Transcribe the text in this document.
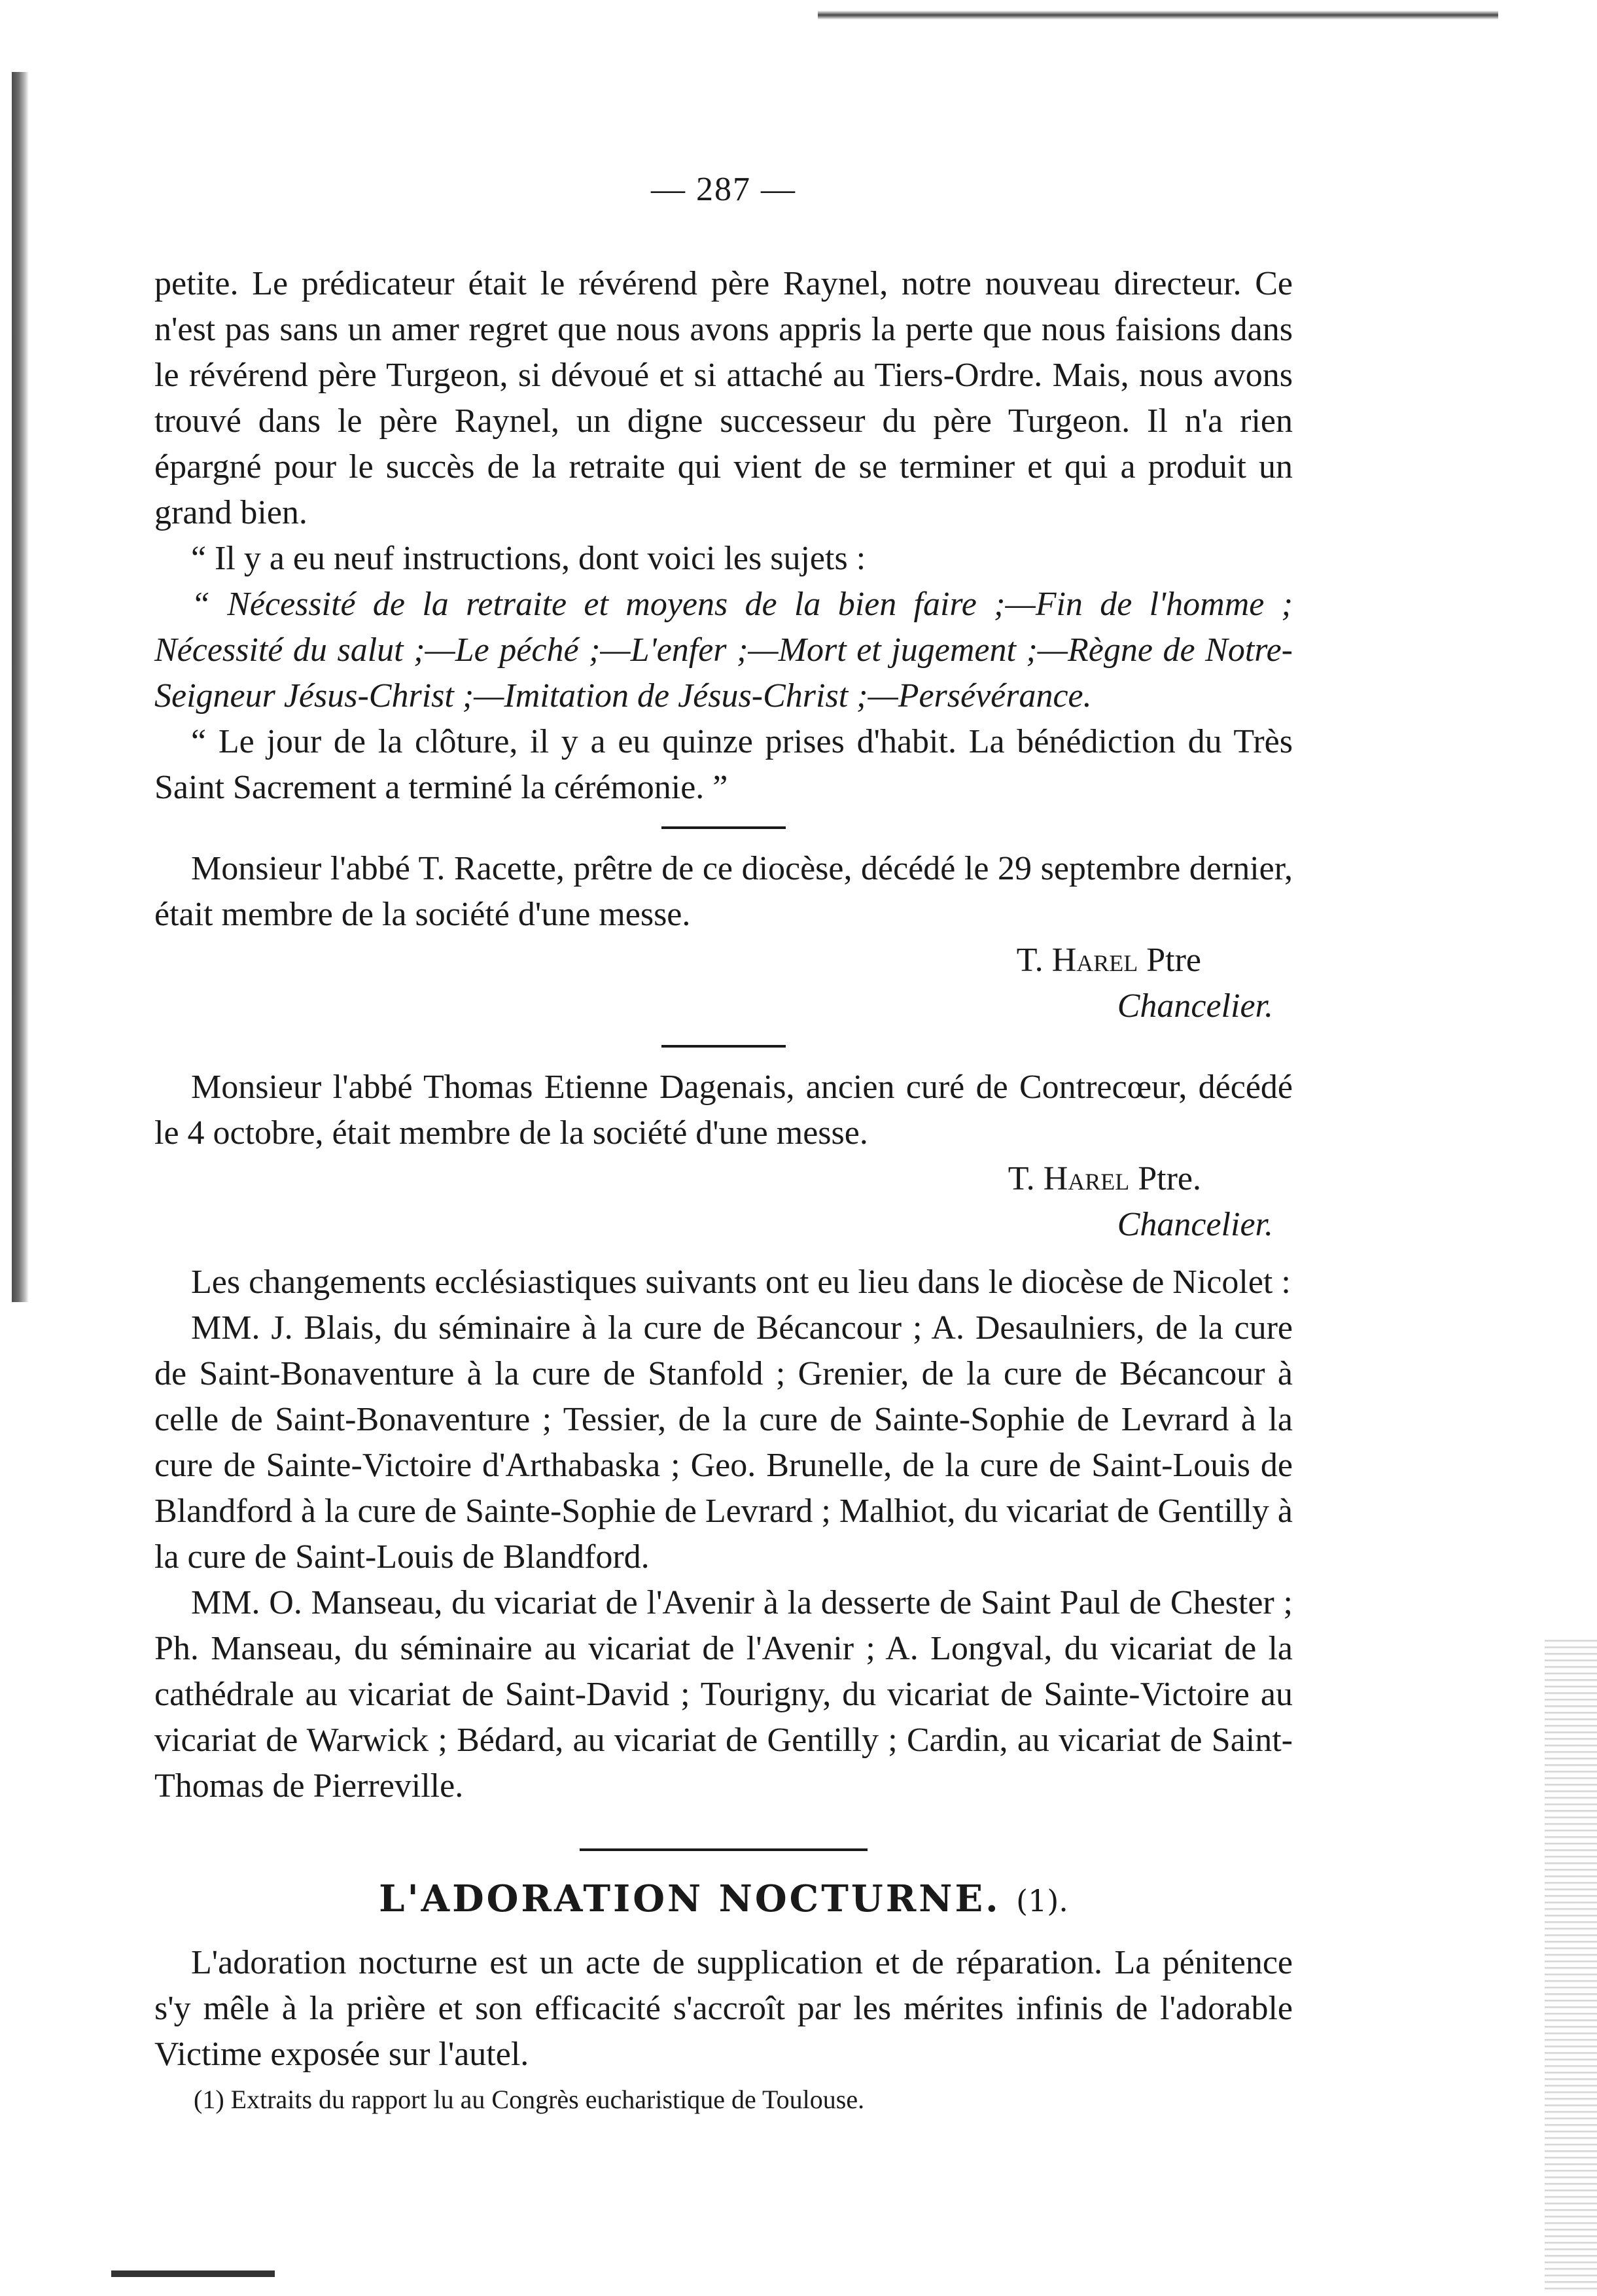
— 287 —

petite. Le prédicateur était le révérend père Raynel, notre nouveau directeur. Ce n'est pas sans un amer regret que nous avons appris la perte que nous faisions dans le révérend père Turgeon, si dévoué et si attaché au Tiers-Ordre. Mais, nous avons trouvé dans le père Raynel, un digne successeur du père Turgeon. Il n'a rien épargné pour le succès de la retraite qui vient de se terminer et qui a produit un grand bien.

“ Il y a eu neuf instructions, dont voici les sujets :

“ Nécessité de la retraite et moyens de la bien faire ;—Fin de l'homme ; Nécessité du salut ;—Le péché ;—L'enfer ;—Mort et jugement ;—Règne de Notre-Seigneur Jésus-Christ ;—Imitation de Jésus-Christ ;—Persévérance.

“ Le jour de la clôture, il y a eu quinze prises d'habit. La bénédiction du Très Saint Sacrement a terminé la cérémonie. ”

Monsieur l'abbé T. Racette, prêtre de ce diocèse, décédé le 29 septembre dernier, était membre de la société d'une messe.

T. Harel Ptre
Chancelier.

Monsieur l'abbé Thomas Etienne Dagenais, ancien curé de Contrecœur, décédé le 4 octobre, était membre de la société d'une messe.

T. Harel Ptre.
Chancelier.

Les changements ecclésiastiques suivants ont eu lieu dans le diocèse de Nicolet :

MM. J. Blais, du séminaire à la cure de Bécancour ; A. Desaulniers, de la cure de Saint-Bonaventure à la cure de Stanfold ; Grenier, de la cure de Bécancour à celle de Saint-Bonaventure ; Tessier, de la cure de Sainte-Sophie de Levrard à la cure de Sainte-Victoire d'Arthabaska ; Geo. Brunelle, de la cure de Saint-Louis de Blandford à la cure de Sainte-Sophie de Levrard ; Malhiot, du vicariat de Gentilly à la cure de Saint-Louis de Blandford.

MM. O. Manseau, du vicariat de l'Avenir à la desserte de Saint Paul de Chester ; Ph. Manseau, du séminaire au vicariat de l'Avenir ; A. Longval, du vicariat de la cathédrale au vicariat de Saint-David ; Tourigny, du vicariat de Sainte-Victoire au vicariat de Warwick ; Bédard, au vicariat de Gentilly ; Cardin, au vicariat de Saint-Thomas de Pierreville.

L'ADORATION NOCTURNE. (1).

L'adoration nocturne est un acte de supplication et de réparation. La pénitence s'y mêle à la prière et son efficacité s'accroît par les mérites infinis de l'adorable Victime exposée sur l'autel.

(1) Extraits du rapport lu au Congrès eucharistique de Toulouse.
